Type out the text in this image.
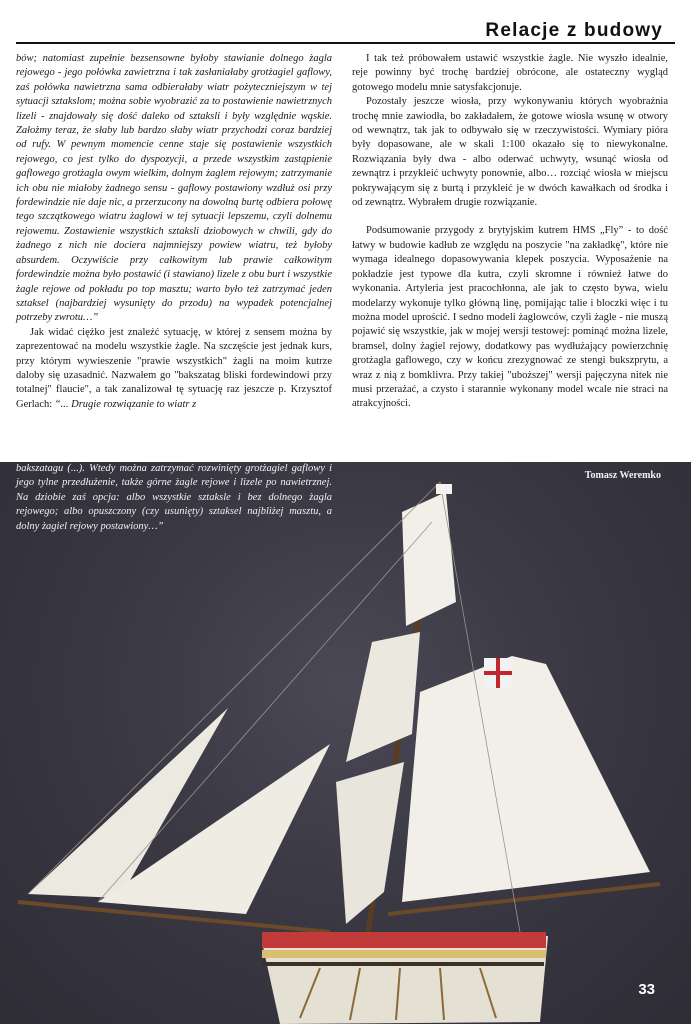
Relacje z budowy

bów; natomiast zupełnie bezsensowne byłoby stawianie dolnego żagla rejowego - jego połówka zawietrzna i tak zasłaniałaby grotżagiel gaflowy, zaś połówka nawietrzna sama odbierałaby wiatr pożyteczniejszym w tej sytuacji sztakslom; można sobie wyobrazić za to postawienie nawietrznych lizeli - znajdowały się dość daleko od sztaksli i były względnie wąskie. Założmy teraz, że słaby lub bardzo słaby wiatr przychodzi coraz bardziej od rufy. W pewnym momencie cenne staje się postawienie wszystkich rejowego, co jest tylko do dyspozycji, a przede wszystkim zastąpienie gaflowego grotżagla owym wielkim, dolnym żaglem rejowym; zatrzymanie ich obu nie miałoby żadnego sensu - gaflowy postawiony wzdłuż osi przy fordewindzie nie daje nic, a przerzucony na dowolną burtę odbiera połowę tego szczątkowego wiatru żaglowi w tej sytuacji lepszemu, czyli dolnemu rejowemu. Zostawienie wszystkich sztaksli dziobowych w chwili, gdy do żadnego z nich nie dociera najmniejszy powiew wiatru, też byłoby absurdem. Oczywiście przy całkowitym lub prawie całkowitym fordewindzie można było postawić (i stawiano) lizele z obu burt i wszystkie żagle rejowe od pokładu po top masztu; warto było też zatrzymać jeden sztaksel (najbardziej wysunięty do przodu) na wypadek potencjalnej potrzeby zwrotu…”

Jak widać ciężko jest znaleźć sytuację, w której z sensem można by zaprezentować na modelu wszystkie żagle. Na szczęście jest jednak kurs, przy którym wywieszenie "prawie wszystkich" żagli na moim kutrze daloby się uzasadnić. Nazwałem go "bakszatag bliski fordewindowi przy totalnej" flaucie", a tak zanalizował tę sytuację raz jeszcze p. Krzysztof Gerlach: “... Drugie rozwiązanie to wiatr z

I tak też próbowałem ustawić wszystkie żagle. Nie wyszło idealnie, reje powinny być trochę bardziej obrócone, ale ostateczny wygląd gotowego modelu mnie satysfakcjonuje.

Pozostały jeszcze wiosła, przy wykonywaniu których wyobraźnia trochę mnie zawiodła, bo zakładałem, że gotowe wiosła wsunę w otwory od wewnątrz, tak jak to odbywało się w rzeczywistości. Wymiary pióra były dopasowane, ale w skali 1:100 okazało się to niewykonalne. Rozwiązania były dwa - albo oderwać uchwyty, wsunąć wiosła od zewnątrz i przykleić uchwyty ponownie, albo… rozciąć wiosła w miejscu pokrywającym się z burtą i przykleić je w dwóch kawałkach od środka i od zewnątrz. Wybrałem drugie rozwiązanie.

Podsumowanie przygody z brytyjskim kutrem HMS „Fly” - to dość łatwy w budowie kadłub ze względu na poszycie "na zakładkę", które nie wymaga idealnego dopasowywania klepek poszycia. Wyposażenie na pokładzie jest typowe dla kutra, czyli skromne i również łatwe do wykonania. Artyleria jest pracochłonna, ale jak to często bywa, wielu modelarzy wykonuje tylko główną linę, pomijając talie i bloczki więc i tu można model uprościć. I sedno modeli żaglowców, czyli żagle - nie muszą pojawić się wszystkie, jak w mojej wersji testowej: pominąć można lizele, bramsel, dolny żagiel rejowy, dodatkowy pas wydłużający powierzchnię grotżagla gaflowego, czy w końcu zrezygnować ze stengi bukszprytu, a wraz z nią z bomklivra. Przy takiej "uboższej" wersji pajęczyna nitek nie musi przerażać, a czysto i starannie wykonany model wcale nie straci na atrakcyjności.

bakszatagu (...). Wtedy można zatrzymać rozwinięty grotżagiel gaflowy i jego tylne przedłużenie, także górne żagle rejowe i lizele po nawietrznej. Na dziobie zaś opcja: albo wszystkie sztaksle i bez dolnego żagla rejowego; albo opuszczony (czy usunięty) sztaksel najbliżej masztu, a dolny żagiel rejowy postawiony…”
Tomasz Weremko
33
